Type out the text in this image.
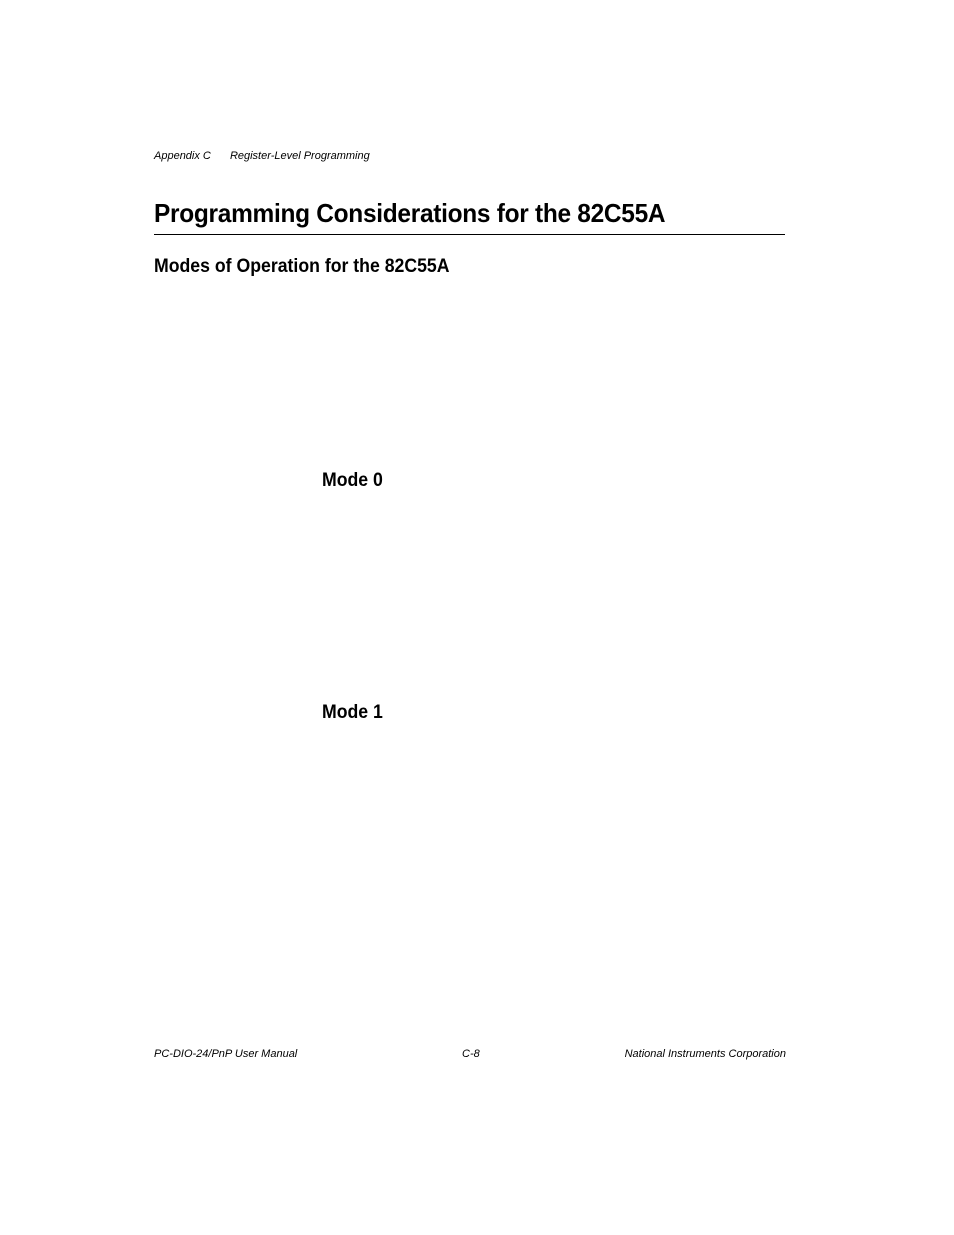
Appendix C Register-Level Programming
Programming Considerations for the 82C55A
Modes of Operation for the 82C55A
Mode 0
Mode 1
PC-DIO-24/PnP User Manual	C-8	National Instruments Corporation
